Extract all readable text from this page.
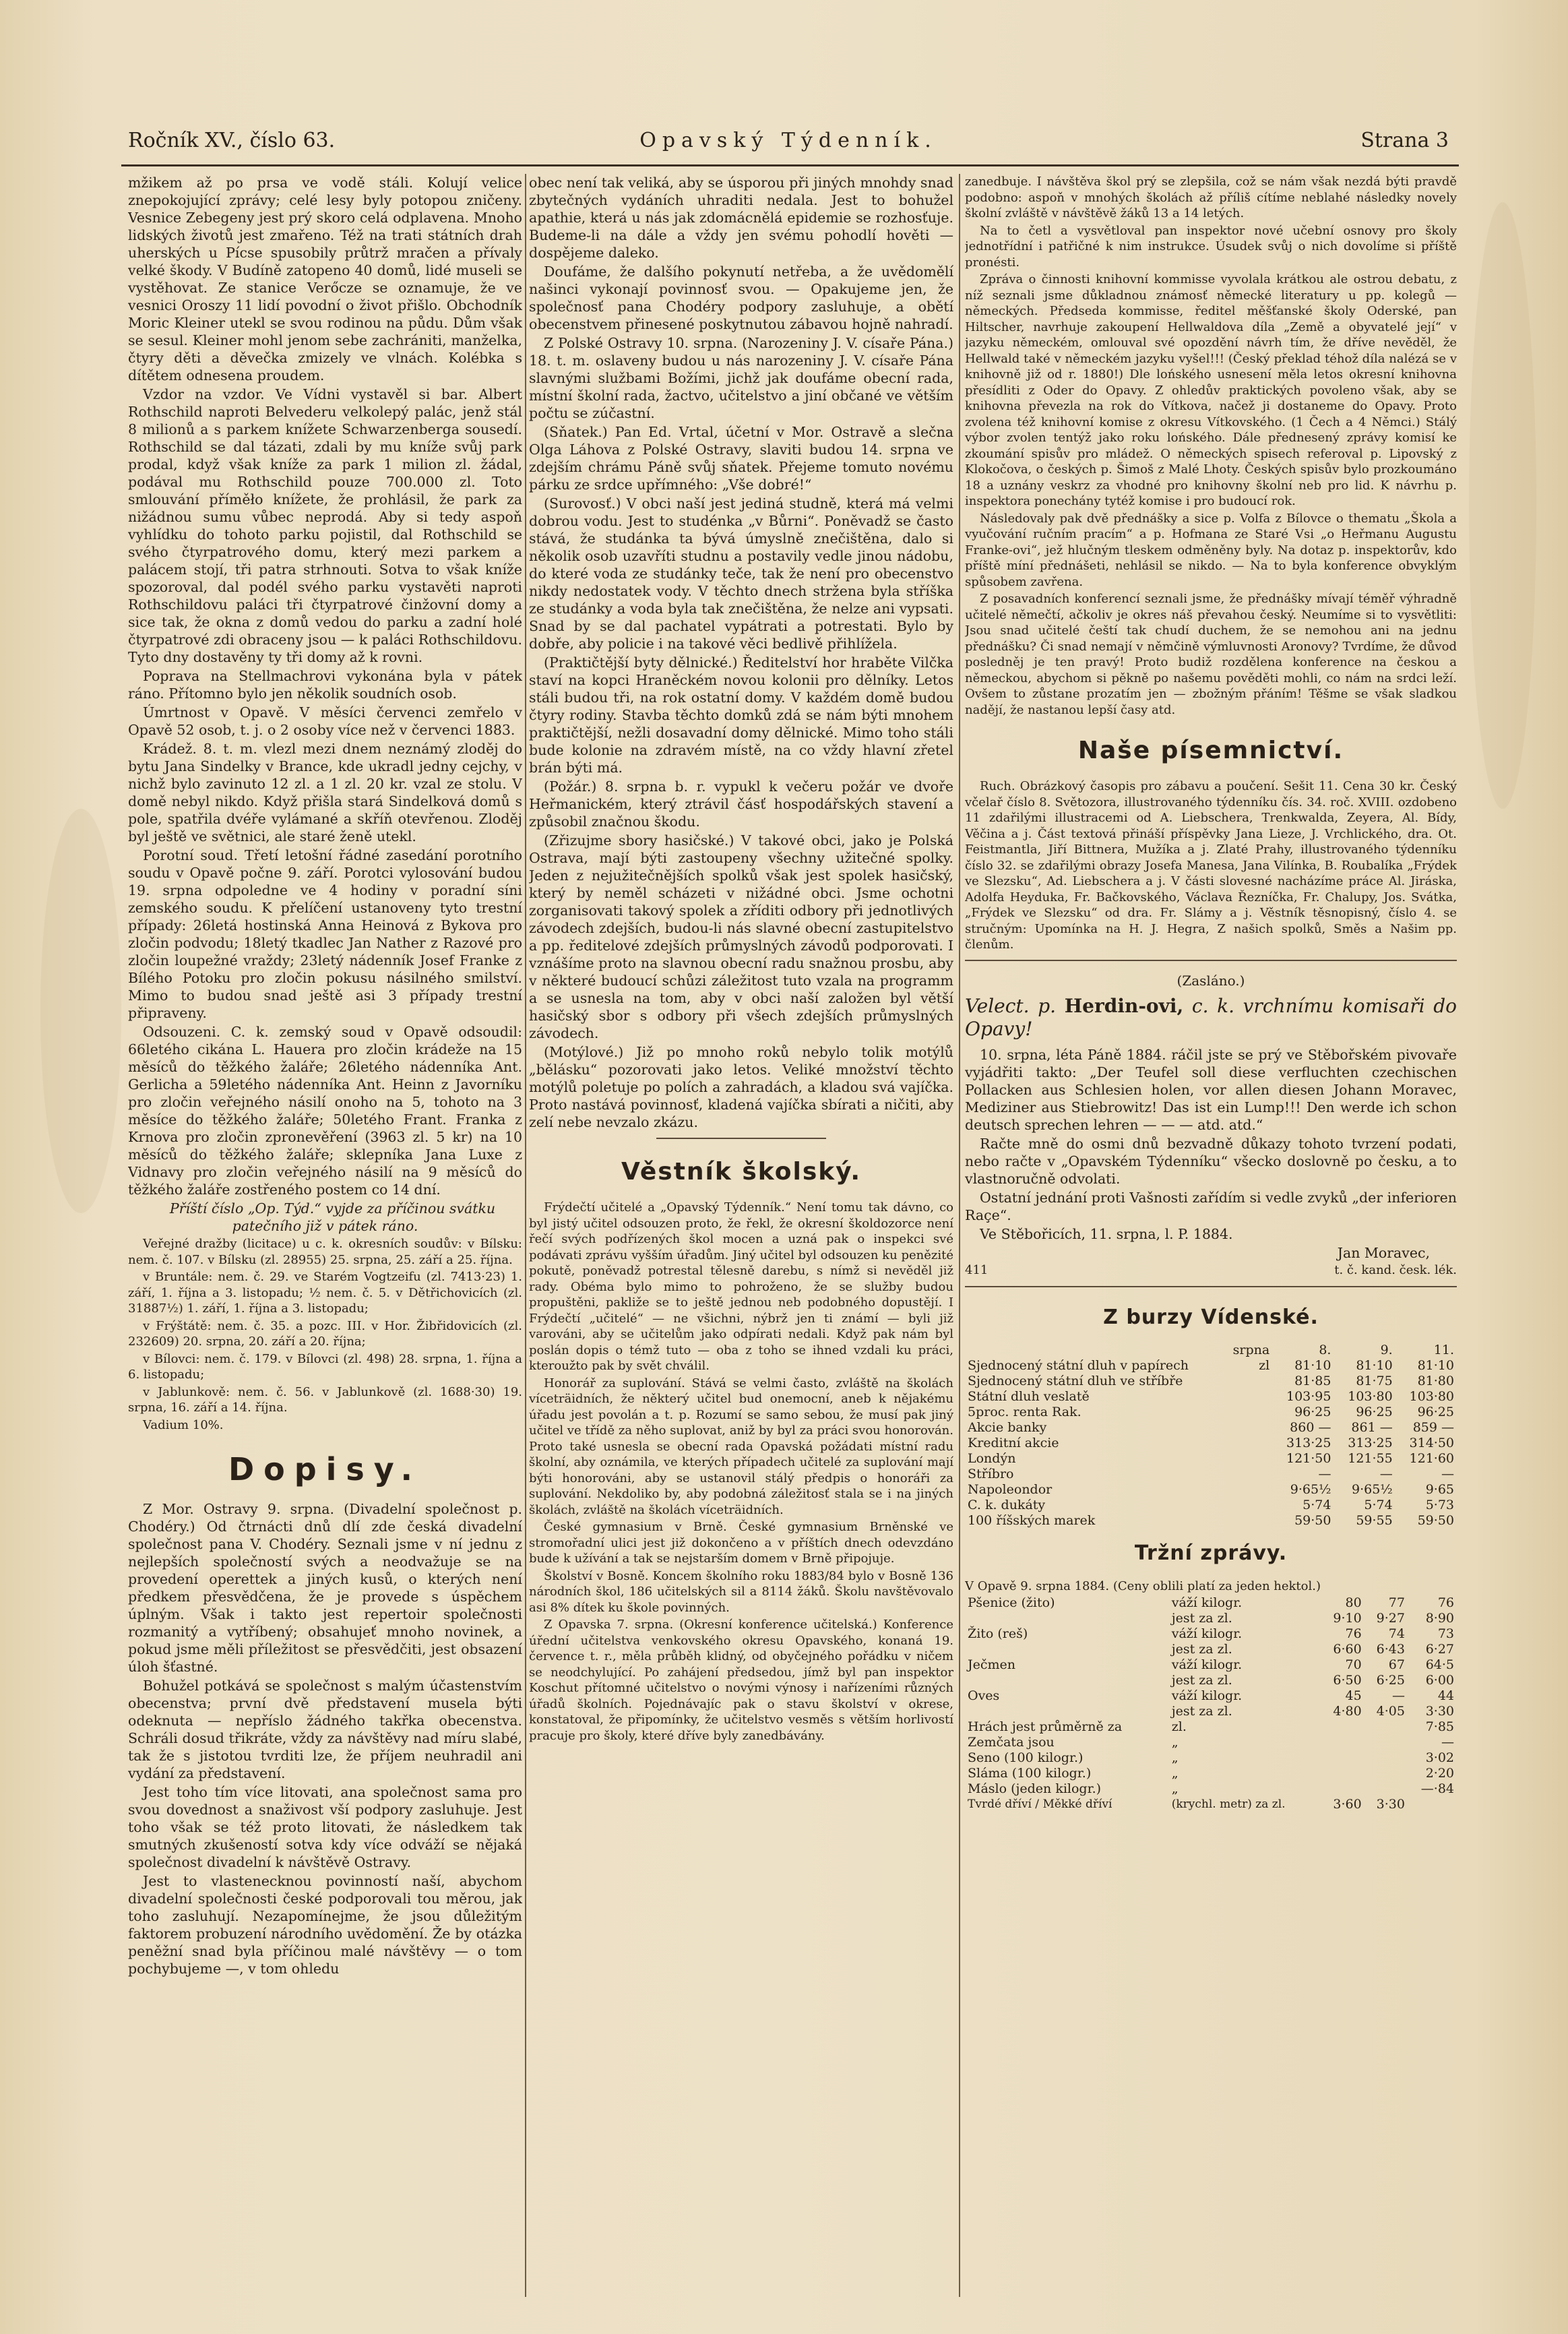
Ročník XV., číslo 63.	Opavský Týdenník.	Strana 3

mžikem až po prsa ve vodě stáli. Kolují velice znepokojující zprávy; celé lesy byly potopou zničeny. Vesnice Zebegeny jest prý skoro celá odplavena. Mnoho lidských životů jest zmařeno. Též na trati státních drah uherských u Pícse spusobily průtrž mračen a přívaly velké škody. V Budíně zatopeno 40 domů, lidé museli se vystěhovat. Ze stanice Verőcze se oznamuje, že ve vesnici Oroszy 11 lidí povodní o život přišlo. Obchodník Moric Kleiner utekl se svou rodinou na půdu. Dům však se sesul. Kleiner mohl jenom sebe zachrániti, manželka, čtyry děti a děvečka zmizely ve vlnách. Kolébka s dítětem odnesena proudem.

Vzdor na vzdor. Ve Vídni vystavěl si bar. Albert Rothschild naproti Belvederu velkolepý palác, jenž stál 8 milionů a s parkem knížete Schwarzenberga sousedí. Rothschild se dal tázati, zdali by mu kníže svůj park prodal, když však kníže za park 1 milion zl. žádal, podával mu Rothschild pouze 700.000 zl. Toto smlouvání příměło knížete, že prohlásil, že park za nižádnou sumu vůbec neprodá. Aby si tedy aspoň vyhlídku do tohoto parku pojistil, dal Rothschild se svého čtyrpatrového domu, který mezi parkem a palácem stojí, tři patra strhnouti. Sotva to však kníže spozoroval, dal podél svého parku vystavěti naproti Rothschildovu paláci tři čtyrpatrové činžovní domy a sice tak, že okna z domů vedou do parku a zadní holé čtyrpatrové zdi obraceny jsou — k paláci Rothschildovu. Tyto dny dostavěny ty tři domy až k rovni.

Poprava na Stellmachrovi vykonána byla v pátek ráno. Přítomno bylo jen několik soudních osob.

Úmrtnost v Opavě. V měsíci červenci zemřelo v Opavě 52 osob, t. j. o 2 osoby více než v červenci 1883.

Krádež. 8. t. m. vlezl mezi dnem neznámý zloděj do bytu Jana Sindelky v Brance, kde ukradl jedny cejchy, v nichž bylo zavinuto 12 zl. a 1 zl. 20 kr. vzal ze stolu. V domě nebyl nikdo. Když přišla stará Sindelková domů s pole, spatřila dvéře vylámané a skříň otevřenou. Zloděj byl ještě ve světnici, ale staré ženě utekl.

Porotní soud. Třetí letošní řádné zasedání porotního soudu v Opavě počne 9. září. Porotci vylosování budou 19. srpna odpoledne ve 4 hodiny v poradní síni zemského soudu. K přelíčení ustanoveny tyto trestní případy: 26letá hostinská Anna Heinová z Bykova pro zločin podvodu; 18letý tkadlec Jan Nather z Razové pro zločin loupežné vraždy; 23letý nádenník Josef Franke z Bílého Potoku pro zločin pokusu násilného smilství. Mimo to budou snad ještě asi 3 případy trestní připraveny.

Odsouzeni. C. k. zemský soud v Opavě odsoudil: 66letého cikána L. Hauera pro zločin krádeže na 15 měsíců do těžkého žaláře; 26letého nádenníka Ant. Gerlicha a 59letého nádenníka Ant. Heinn z Javorníku pro zločin veřejného násilí onoho na 5, tohoto na 3 měsíce do těžkého žaláře; 50letého Frant. Franka z Krnova pro zločin zpronevěření (3963 zl. 5 kr) na 10 měsíců do těžkého žaláře; sklepníka Jana Luxe z Vidnavy pro zločin veřejného násilí na 9 měsíců do těžkého žaláře zostřeného postem co 14 dní.

Příští číslo „Op. Týd.“ vyjde za příčinou svátku patečního již v pátek ráno.

Veřejné dražby (licitace) u c. k. okresních soudův: v Bílsku: nem. č. 107. v Bílsku (zl. 28955) 25. srpna, 25. září a 25. října.

v Bruntále: nem. č. 29. ve Starém Vogtzeifu (zl. 7413·23) 1. září, 1. října a 3. listopadu; ½ nem. č. 5. v Dětřichovicích (zl. 31887½) 1. září, 1. října a 3. listopadu;

v Frýštátě: nem. č. 35. a pozc. III. v Hor. Žibřidovicích (zl. 232609) 20. srpna, 20. září a 20. října;

v Bílovci: nem. č. 179. v Bílovci (zl. 498) 28. srpna, 1. října a 6. listopadu;

v Jablunkově: nem. č. 56. v Jablunkově (zl. 1688·30) 19. srpna, 16. září a 14. října.

Vadium 10%.

Dopisy.

Z Mor. Ostravy 9. srpna. (Divadelní společnost p. Chodéry.) Od čtrnácti dnů dlí zde česká divadelní společnost pana V. Chodéry. Seznali jsme v ní jednu z nejlepších společností svých a neodvažuje se na provedení operettek a jiných kusů, o kterých není předkem přesvědčena, že je provede s úspěchem úplným. Však i takto jest repertoir společnosti rozmanitý a vytříbený; obsahujeť mnoho novinek, a pokud jsme měli příležitost se přesvědčiti, jest obsazení úloh šťastné.

Bohužel potkává se společnost s malým účastenstvím obecenstva; první dvě představení musela býti odeknuta — nepříslo žádného takřka obecenstva. Schráli dosud třikráte, vždy za návštěvy nad míru slabé, tak že s jistotou tvrditi lze, že příjem neuhradil ani vydání za představení.

Jest toho tím více litovati, ana společnost sama pro svou dovednost a snaživost vší podpory zasluhuje. Jest toho však se též proto litovati, že následkem tak smutných zkušeností sotva kdy více odváží se nějaká společnost divadelní k návštěvě Ostravy.

Jest to vlastenecknou povinností naší, abychom divadelní společnosti české podporovali tou měrou, jak toho zasluhují. Nezapomínejme, že jsou důležitým faktorem probuzení národního uvědomění. Že by otázka peněžní snad byla příčinou malé návštěvy — o tom pochybujeme —, v tom ohledu

obec není tak veliká, aby se úsporou při jiných mnohdy snad zbytečných vydáních uhraditi nedala. Jest to bohužel apathie, která u nás jak zdomácnělá epidemie se rozhosťuje. Budeme-li na dále a vždy jen svému pohodlí hověti — dospějeme daleko.

Doufáme, že dalšího pokynutí netřeba, a že uvědomělí našinci vykonají povinnosť svou. — Opakujeme jen, že společnosť pana Chodéry podpory zasluhuje, a obětí obecenstvem přinesené poskytnutou zábavou hojně nahradí.

Z Polské Ostravy 10. srpna. (Narozeniny J. V. císaře Pána.) 18. t. m. oslaveny budou u nás narozeniny J. V. císaře Pána slavnými službami Božími, jichž jak doufáme obecní rada, místní školní rada, žactvo, učitelstvo a jiní občané ve větším počtu se zúčastní.

(Sňatek.) Pan Ed. Vrtal, účetní v Mor. Ostravě a slečna Olga Láhova z Polské Ostravy, slaviti budou 14. srpna ve zdejším chrámu Páně svůj sňatek. Přejeme tomuto novému párku ze srdce upřímného: „Vše dobré!“

(Surovosť.) V obci naší jest jediná studně, která má velmi dobrou vodu. Jest to studénka „v Bůrni“. Poněvadž se často stává, že studánka ta bývá úmyslně znečištěna, dalo si několik osob uzavříti studnu a postavily vedle jinou nádobu, do které voda ze studánky teče, tak že není pro obecenstvo nikdy nedostatek vody. V těchto dnech stržena byla stříška ze studánky a voda byla tak znečištěna, že nelze ani vypsati. Snad by se dal pachatel vypátrati a potrestati. Bylo by dobře, aby policie i na takové věci bedlivě přihlížela.

(Praktičtější byty dělnické.) Ředitelství hor hraběte Vilčka staví na kopci Hraněckém novou kolonii pro dělníky. Letos stáli budou tři, na rok ostatní domy. V každém domě budou čtyry rodiny. Stavba těchto domků zdá se nám býti mnohem praktičtější, nežli dosavadní domy dělnické. Mimo toho stáli bude kolonie na zdravém místě, na co vždy hlavní zřetel brán býti má.

(Požár.) 8. srpna b. r. vypukl k večeru požár ve dvoře Heřmanickém, který ztrávil čásť hospodářských stavení a způsobil značnou škodu.

(Zřizujme sbory hasičské.) V takové obci, jako je Polská Ostrava, mají býti zastoupeny všechny užitečné spolky. Jeden z nejužitečnějších spolků však jest spolek hasičský, který by neměl scházeti v nižádné obci. Jsme ochotni zorganisovati takový spolek a zříditi odbory při jednotlivých závodech zdejších, budou-li nás slavné obecní zastupitelstvo a pp. ředitelové zdejších průmyslných závodů podporovati. I vznášíme proto na slavnou obecní radu snažnou prosbu, aby v některé budoucí schůzi záležitost tuto vzala na programm a se usnesla na tom, aby v obci naší založen byl větší hasičský sbor s odbory při všech zdejších průmyslných závodech.

(Motýlové.) Již po mnoho roků nebylo tolik motýlů „bělásku“ pozorovati jako letos. Veliké množství těchto motýlů poletuje po polích a zahradách, a kladou svá vajíčka. Proto nastává povinnosť, kladená vajíčka sbírati a ničiti, aby zelí nebe nevzalo zkázu.

Věstník školský.

Frýdečtí učitelé a „Opavský Týdenník.“ Není tomu tak dávno, co byl jistý učitel odsouzen proto, že řekl, že okresní školdozorce není řečí svých podřízených škol mocen a uzná pak o inspekci své podávati zprávu vyšším úřadům. Jiný učitel byl odsouzen ku penězité pokutě, poněvadž potrestal tělesně darebu, s nímž si nevěděl již rady. Obéma bylo mimo to pohroženo, že se služby budou propuštěni, pakliže se to ještě jednou neb podobného dopustějí. I Frýdečtí „učitelé“ — ne všichni, nýbrž jen ti známí — byli již varováni, aby se učitelům jako odpírati nedali. Když pak nám byl poslán dopis o témž tuto — oba z toho se ihned vzdali ku práci, kteroužto pak by svět chválil.

Honorář za suplování. Stává se velmi často, zvláště na školách víceträidních, že některý učitel bud onemocní, aneb k nějakému úřadu jest povolán a t. p. Rozumí se samo sebou, že musí pak jiný učitel ve třídě za něho suplovat, aniž by byl za práci svou honorován. Proto také usnesla se obecní rada Opavská požádati místní radu školní, aby oznámila, ve kterých případech učitelé za suplování mají býti honorováni, aby se ustanovil stálý předpis o honoráři za suplování. Nekdoliko by, aby podobná záležitosť stala se i na jiných školách, zvláště na školách víceträidních.

České gymnasium v Brně. České gymnasium Brněnské ve stromořadní ulici jest již dokončeno a v příštích dnech odevzdáno bude k užívání a tak se nejstarším domem v Brně připojuje.

Školství v Bosně. Koncem školního roku 1883/84 bylo v Bosně 136 národních škol, 186 učitelských sil a 8114 žáků. Školu navštěvovalo asi 8% dítek ku škole povinných.

Z Opavska 7. srpna. (Okresní konference učitelská.) Konference úřední učitelstva venkovského okresu Opavského, konaná 19. července t. r., měla průběh klidný, od obyčejného pořádku v ničem se neodchylující. Po zahájení předsedou, jímž byl pan inspektor Koschut přítomné učitelstvo o novými výnosy i nařízeními různých úřadů školních. Pojednávajíc pak o stavu školství v okrese, konstatoval, že připomínky, že učitelstvo vesměs s větším horlivostí pracuje pro školy, které dříve byly zanedbávány.

zanedbuje. I návštěva škol prý se zlepšila, což se nám však nezdá býti pravdě podobno: aspoň v mnohých školách až příliš cítíme neblahé následky novely školní zvláště v návštěvě žáků 13 a 14 letých.

Na to četl a vysvětloval pan inspektor nové učební osnovy pro školy jednotřídní i patřičné k nim instrukce. Úsudek svůj o nich dovolíme si příště pronésti.

Zpráva o činnosti knihovní kommisse vyvolala krátkou ale ostrou debatu, z níž seznali jsme důkladnou známosť německé literatury u pp. kolegů — německých. Předseda kommisse, ředitel měšťanské školy Oderské, pan Hiltscher, navrhuje zakoupení Hellwaldova díla „Země a obyvatelé její“ v jazyku německém, omlouval své opozdění návrh tím, že dříve nevěděl, že Hellwald také v německém jazyku vyšel!!! (Český překlad téhož díla nalézá se v knihovně již od r. 1880!) Dle lońského usnesení měla letos okresní knihovna přesídliti z Oder do Opavy. Z ohledův praktických povoleno však, aby se knihovna převezla na rok do Vítkova, načež ji dostaneme do Opavy. Proto zvolena též knihovní komise z okresu Vítkovského. (1 Čech a 4 Němci.) Stálý výbor zvolen tentýž jako roku lońského. Dále přednesený zprávy komisí ke zkoumání spisův pro mládež. O německých spisech referoval p. Lipovský z Klokočova, o českých p. Šimoš z Malé Lhoty. Českých spisův bylo prozkoumáno 18 a uznány veskrz za vhodné pro knihovny školní neb pro lid. K návrhu p. inspektora ponechány tytéž komise i pro budoucí rok.

Následovaly pak dvě přednášky a sice p. Volfa z Bílovce o thematu „Škola a vyučování ručním pracím“ a p. Hofmana ze Staré Vsi „o Heřmanu Augustu Franke-ovi“, jež hlučným tleskem odměněny byly. Na dotaz p. inspektorův, kdo příště míní přednášeti, nehlásil se nikdo. — Na to byla konference obvyklým spůsobem zavřena.

Z posavadních konferencí seznali jsme, že přednášky mívají téměř výhradně učitelé němečtí, ačkoliv je okres náš převahou český. Neumíme si to vysvětliti: Jsou snad učitelé čeští tak chudí duchem, že se nemohou ani na jednu přednášku? Či snad nemají v němčině výmluvnosti Aronovy? Tvrdíme, že důvod posledněj je ten pravý! Proto budiž rozdělena konference na českou a německou, abychom si pěkně po našemu pověděti mohli, co nám na srdci leží. Ovšem to zůstane prozatím jen — zbožným přáním! Těšme se však sladkou nadějí, že nastanou lepší časy atd.

Naše písemnictví.

Ruch. Obrázkový časopis pro zábavu a poučení. Sešit 11. Cena 30 kr. Český včelař číslo 8. Světozora, illustrovaného týdenníku čís. 34. roč. XVIII. ozdobeno 11 zdařilými illustracemi od A. Liebschera, Trenkwalda, Zeyera, Al. Bídy, Věčina a j. Část textová přináší příspěvky Jana Lieze, J. Vrchlického, dra. Ot. Feistmantla, Jiří Bittnera, Mužíka a j. Zlaté Prahy, illustrovaného týdenníku číslo 32. se zdařilými obrazy Josefa Manesa, Jana Vilínka, B. Roubalíka „Frýdek ve Slezsku“, Ad. Liebschera a j. V části slovesné nacházíme práce Al. Jiráska, Adolfa Heyduka, Fr. Bačkovského, Václava Řezníčka, Fr. Chalupy, Jos. Svátka, „Frýdek ve Slezsku“ od dra. Fr. Slámy a j. Věstník těsnopisný, číslo 4. se stručným: Upomínka na H. J. Hegra, Z našich spolků, Směs a Našim pp. členům.

(Zasláno.)
Velect. p. Herdin-ovi, c. k. vrchnímu komisaři do Opavy!

10. srpna, léta Páně 1884. ráčil jste se prý ve Stěbořském pivovaře vyjádřiti takto: „Der Teufel soll diese verfluchten czechischen Pollacken aus Schlesien holen, vor allen diesen Johann Moravec, Mediziner aus Stiebrowitz! Das ist ein Lump!!! Den werde ich schon deutsch sprechen lehren — — — atd. atd.“

Račte mně do osmi dnů bezvadně důkazy tohoto tvrzení podati, nebo račte v „Opavském Týdenníku“ všecko doslovně po česku, a to vlastnoručně odvolati.

Ostatní jednání proti Vašnosti zařídím si vedle zvyků „der inferioren Raçe“.

Ve Stěbořicích, 11. srpna, l. P. 1884.

Jan Moravec,
411	t. č. kand. česk. lék.
Z burzy Vídenské.
	srpna	8.	9.	11.
Sjednocený státní dluh v papírech	zl	81·10	81·10	81·10
Sjednocený státní dluh ve stříbře		81·85	81·75	81·80
Státní dluh veslatě		103·95	103·80	103·80
5proc. renta Rak.		96·25	96·25	96·25
Akcie banky		860 —	861 —	859 —
Kreditní akcie		313·25	313·25	314·50
Londýn		121·50	121·55	121·60
Stříbro		—	—	—
Napoleondor		9·65½	9·65½	9·65
C. k. dukáty		5·74	5·74	5·73
100 říšských marek		59·50	59·55	59·50
Tržní zprávy.

V Opavě 9. srpna 1884. (Ceny oblili platí za jeden hektol.)

Pšenice (žito)	váží kilogr.	80	77	76
	jest za zl.	9·10	9·27	8·90
Žito (reš)	váží kilogr.	76	74	73
	jest za zl.	6·60	6·43	6·27
Ječmen	váží kilogr.	70	67	64·5
	jest za zl.	6·50	6·25	6·00
Oves	váží kilogr.	45	—	44
	jest za zl.	4·80	4·05	3·30
Hrách jest průměrně za	zl.			7·85
Zemčata jsou	„			—
Seno (100 kilogr.)	„			3·02
Sláma (100 kilogr.)	„			2·20
Máslo (jeden kilogr.)	„			—·84
Tvrdé dříví / Měkké dříví	(krychl. metr) za zl.	3·60	3·30	
